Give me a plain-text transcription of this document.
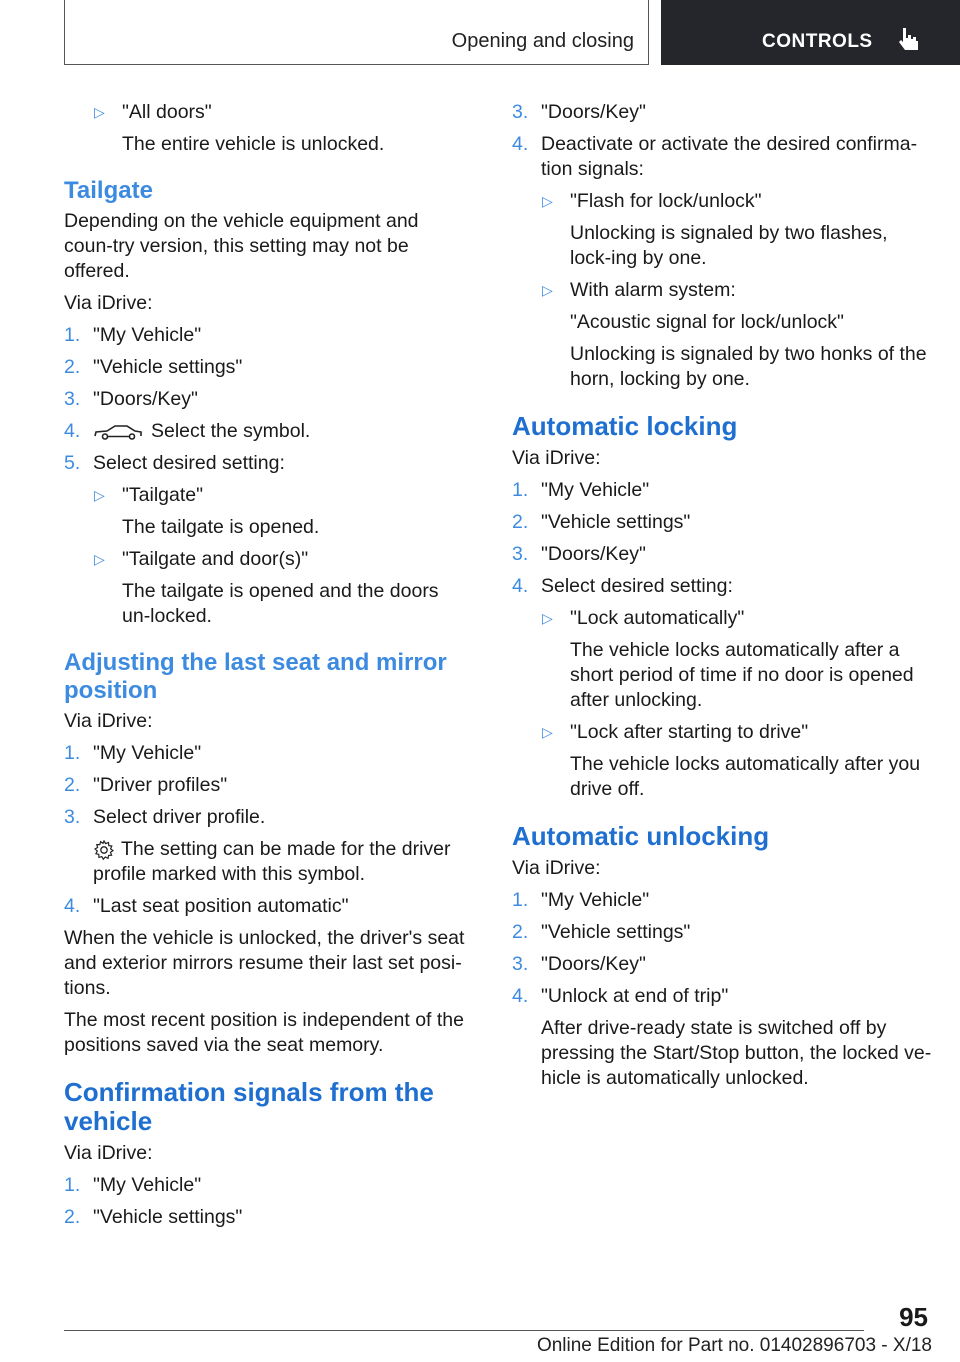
Opening and closing	CONTROLS
▷ "All doors"
The entire vehicle is unlocked.
Tailgate
Depending on the vehicle equipment and coun-try version, this setting may not be offered.
Via iDrive:
1. "My Vehicle"
2. "Vehicle settings"
3. "Doors/Key"
4.	Select the symbol.
5. Select desired setting:
▷ "Tailgate"
The tailgate is opened.
▷ "Tailgate and door(s)"
The tailgate is opened and the doors un-locked.
Adjusting the last seat and mirror position
Via iDrive:
1. "My Vehicle"
2. "Driver profiles"
3. Select driver profile.
The setting can be made for the driver profile marked with this symbol.
4. "Last seat position automatic"
When the vehicle is unlocked, the driver's seat and exterior mirrors resume their last set posi-tions.
The most recent position is independent of the positions saved via the seat memory.
Confirmation signals from the vehicle
Via iDrive:
1. "My Vehicle"
2. "Vehicle settings"
3. "Doors/Key"
4. Deactivate or activate the desired confirma-tion signals:
▷ "Flash for lock/unlock"
Unlocking is signaled by two flashes, lock-ing by one.
▷ With alarm system:
"Acoustic signal for lock/unlock"
Unlocking is signaled by two honks of the horn, locking by one.
Automatic locking
Via iDrive:
1. "My Vehicle"
2. "Vehicle settings"
3. "Doors/Key"
4. Select desired setting:
▷ "Lock automatically"
The vehicle locks automatically after a short period of time if no door is opened after unlocking.
▷ "Lock after starting to drive"
The vehicle locks automatically after you drive off.
Automatic unlocking
Via iDrive:
1. "My Vehicle"
2. "Vehicle settings"
3. "Doors/Key"
4. "Unlock at end of trip"
After drive-ready state is switched off by pressing the Start/Stop button, the locked ve-hicle is automatically unlocked.
95
Online Edition for Part no. 01402896703 - X/18
